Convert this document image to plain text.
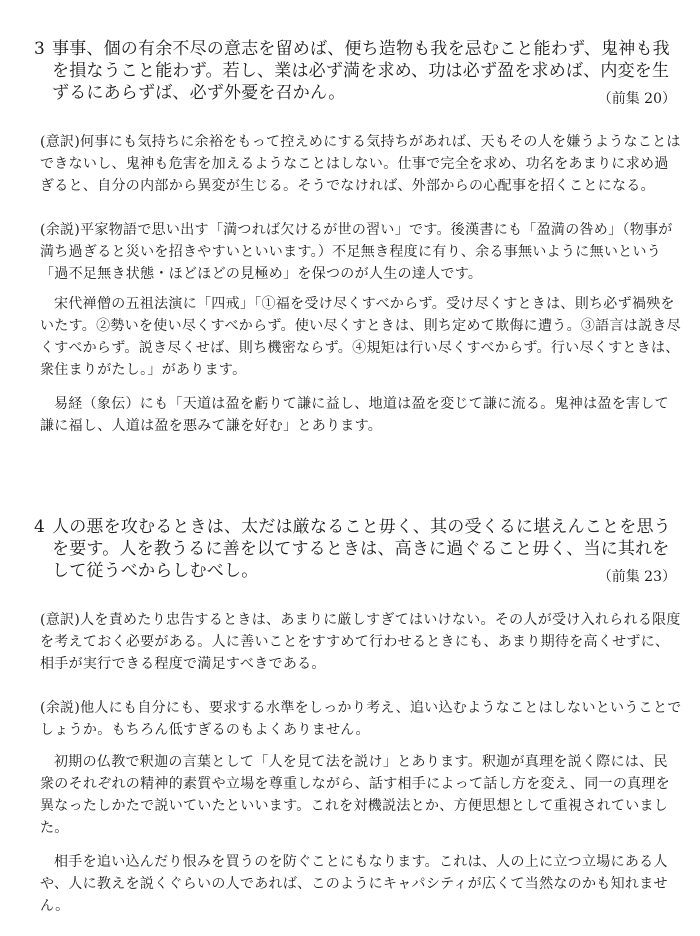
3 事事、個の有余不尽の意志を留めば、便ち造物も我を忌むこと能わず、鬼神も我を損なうこと能わず。若し、業は必ず満を求め、功は必ず盈を求めば、内変を生ずるにあらずば、必ず外憂を召かん。	（前集 20）
(意訳)何事にも気持ちに余裕をもって控えめにする気持ちがあれば、天もその人を嫌うようなことはできないし、鬼神も危害を加えるようなことはしない。仕事で完全を求め、功名をあまりに求め過ぎると、自分の内部から異変が生じる。そうでなければ、外部からの心配事を招くことになる。
(余説)平家物語で思い出す「満つれば欠けるが世の習い」です。後漢書にも「盈満の咎め」（物事が満ち過ぎると災いを招きやすいといいます。）不足無き程度に有り、余る事無いように無いという「過不足無き状態・ほどほどの見極め」を保つのが人生の達人です。
宋代禅僧の五祖法演に「四戒」「①福を受け尽くすべからず。受け尽くすときは、則ち必ず禍殃をいたす。②勢いを使い尽くすべからず。使い尽くすときは、則ち定めて欺侮に遭う。③語言は説き尽くすべからず。説き尽くせば、則ち機密ならず。④規矩は行い尽くすべからず。行い尽くすときは、衆住まりがたし。」があります。
易経（象伝）にも「天道は盈を虧りて謙に益し、地道は盈を変じて謙に流る。鬼神は盈を害して謙に福し、人道は盈を悪みて謙を好む」とあります。
4 人の悪を攻むるときは、太だは厳なること毋く、其の受くるに堪えんことを思うを要す。人を教うるに善を以てするときは、高きに過ぐること毋く、当に其れをして従うべからしむべし。	（前集 23）
(意訳)人を責めたり忠告するときは、あまりに厳しすぎてはいけない。その人が受け入れられる限度を考えておく必要がある。人に善いことをすすめて行わせるときにも、あまり期待を高くせずに、相手が実行できる程度で満足すべきである。
(余説)他人にも自分にも、要求する水準をしっかり考え、追い込むようなことはしないということでしょうか。もちろん低すぎるのもよくありません。
初期の仏教で釈迦の言葉として「人を見て法を説け」とあります。釈迦が真理を説く際には、民衆のそれぞれの精神的素質や立場を尊重しながら、話す相手によって話し方を変え、同一の真理を異なったしかたで説いていたといいます。これを対機説法とか、方便思想として重視されていました。
相手を追い込んだり恨みを買うのを防ぐことにもなります。これは、人の上に立つ立場にある人や、人に教えを説くぐらいの人であれば、このようにキャパシティが広くて当然なのかも知れません。
